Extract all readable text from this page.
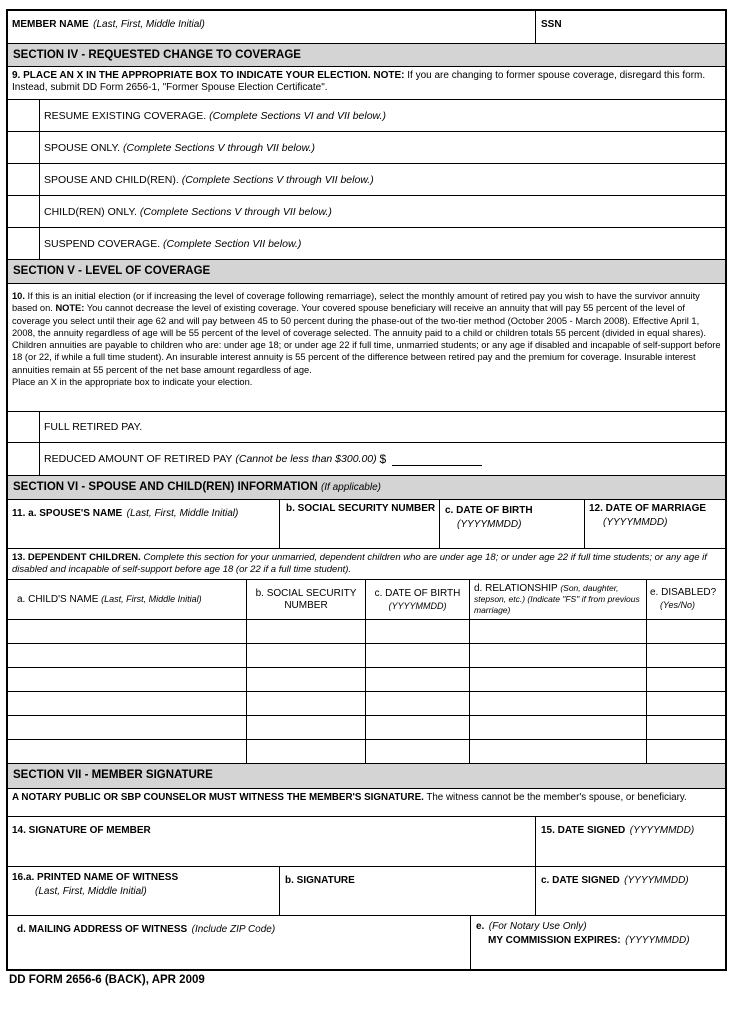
MEMBER NAME (Last, First, Middle Initial)	SSN
SECTION IV - REQUESTED CHANGE TO COVERAGE
9. PLACE AN X IN THE APPROPRIATE BOX TO INDICATE YOUR ELECTION. NOTE: If you are changing to former spouse coverage, disregard this form. Instead, submit DD Form 2656-1, "Former Spouse Election Certificate".
RESUME EXISTING COVERAGE.
(Complete Sections VI and VII below.)
SPOUSE ONLY.
(Complete Sections V through VII below.)
SPOUSE AND CHILD(REN).
(Complete Sections V through VII below.)
CHILD(REN) ONLY.
(Complete Sections V through VII below.)
SUSPEND COVERAGE.
(Complete Section VII below.)
SECTION V - LEVEL OF COVERAGE
10. If this is an initial election (or if increasing the level of coverage following remarriage), select the monthly amount of retired pay you wish to have the survivor annuity based on. NOTE: You cannot decrease the level of existing coverage. Your covered spouse beneficiary will receive an annuity that will pay 55 percent of the level of coverage you select until their age 62 and will pay between 45 to 50 percent during the phase-out of the two-tier method (October 2005 - March 2008). Effective April 1, 2008, the annuity regardless of age will be 55 percent of the level of coverage selected. The annuity paid to a child or children totals 55 percent (divided in equal shares). Children annuities are payable to children who are: under age 18; or under age 22 if full time, unmarried students; or any age if disabled and incapable of self-support before 18 (or 22, if while a full time student). An insurable interest annuity is 55 percent of the difference between retired pay and the premium for coverage. Insurable interest annuities remain at 55 percent of the net base amount regardless of age.
Place an X in the appropriate box to indicate your election.
FULL RETIRED PAY.
REDUCED AMOUNT OF RETIRED PAY
(Cannot be less than $300.00)
$
SECTION VI - SPOUSE AND CHILD(REN) INFORMATION (If applicable)
11. a. SPOUSE'S NAME (Last, First, Middle Initial)	b. SOCIAL SECURITY NUMBER c. DATE OF BIRTH
(YYYYMMDD)
12. DATE OF MARRIAGE
(YYYYMMDD)
13. DEPENDENT CHILDREN. Complete this section for your unmarried, dependent children who are under age 18; or under age 22 if full time students; or any age if disabled and incapable of self-support before age 18 (or 22 if a full time student).
a. CHILD'S NAME (Last, First, Middle Initial)	b. SOCIAL SECURITY NUMBER
c. DATE OF BIRTH
(YYYYMMDD)
d. RELATIONSHIP (Son, daughter, stepson, etc.) (Indicate "FS" if from previous marriage)
e. DISABLED?
(Yes/No)
SECTION VII - MEMBER SIGNATURE
A NOTARY PUBLIC OR SBP COUNSELOR MUST WITNESS THE MEMBER'S SIGNATURE. The witness cannot be the member's spouse, or beneficiary.
14. SIGNATURE OF MEMBER	15. DATE SIGNED (YYYYMMDD)
16.a. PRINTED NAME OF WITNESS
(Last, First, Middle Initial)
b. SIGNATURE	c. DATE SIGNED (YYYYMMDD)
d. MAILING ADDRESS OF WITNESS (Include ZIP Code)	e. (For Notary Use Only)
MY COMMISSION EXPIRES: (YYYYMMDD)
DD FORM 2656-6 (BACK), APR 2009
